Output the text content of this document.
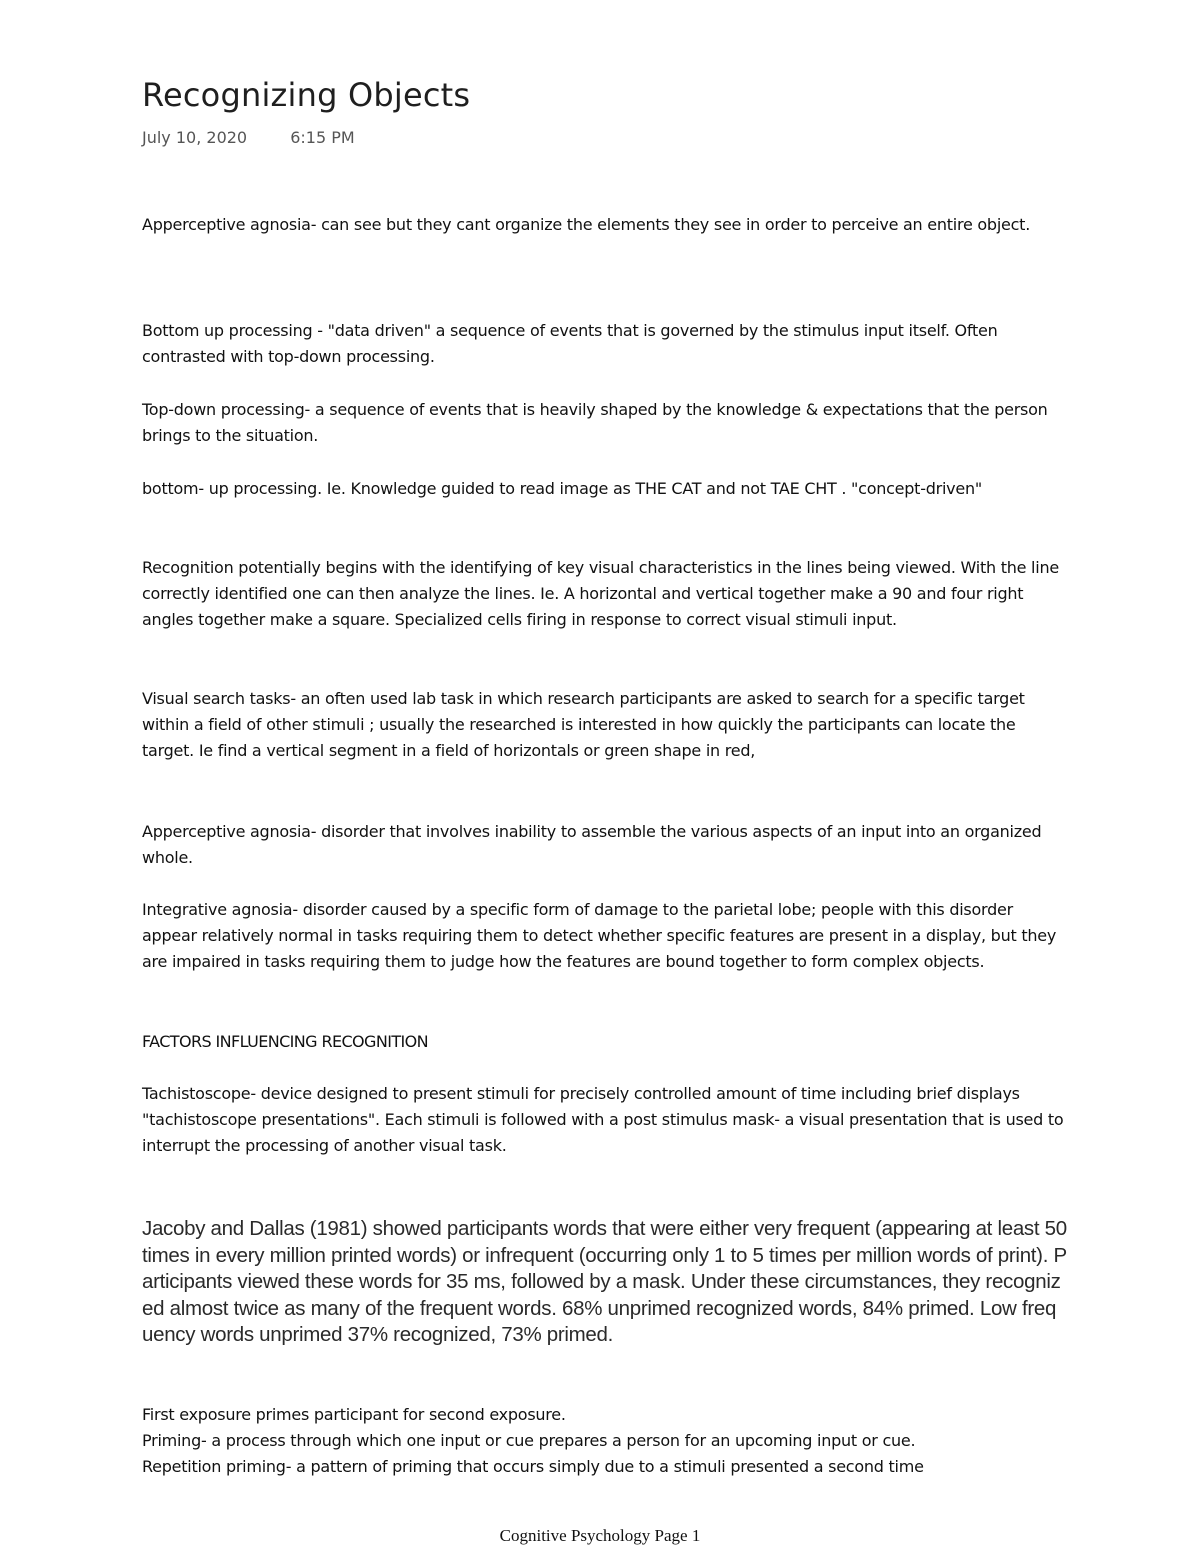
Recognizing Objects
July 10, 2020	6:15 PM

Apperceptive agnosia- can see but they cant organize the elements they see in order to perceive an entire object.

Bottom up processing - "data driven" a sequence of events that is governed by the stimulus input itself. Often contrasted with top-down processing.

Top-down processing- a sequence of events that is heavily shaped by the knowledge & expectations that the person brings to the situation.

bottom- up processing. Ie. Knowledge guided to read image as THE CAT and not TAE CHT . "concept-driven"

Recognition potentially begins with the identifying of key visual characteristics in the lines being viewed. With the line correctly identified one can then analyze the lines. Ie. A horizontal and vertical together make a 90 and four right angles together make a square. Specialized cells firing in response to correct visual stimuli input.

Visual search tasks- an often used lab task in which research participants are asked to search for a specific target within a field of other stimuli ; usually the researched is interested in how quickly the participants can locate the target. Ie find a vertical segment in a field of horizontals or green shape in red,

Apperceptive agnosia- disorder that involves inability to assemble the various aspects of an input into an organized whole.

Integrative agnosia- disorder caused by a specific form of damage to the parietal lobe; people with this disorder appear relatively normal in tasks requiring them to detect whether specific features are present in a display, but they are impaired in tasks requiring them to judge how the features are bound together to form complex objects.

FACTORS INFLUENCING RECOGNITION

Tachistoscope- device designed to present stimuli for precisely controlled amount of time including brief displays "tachistoscope presentations". Each stimuli is followed with a post stimulus mask- a visual presentation that is used to interrupt the processing of another visual task.

Jacoby and Dallas (1981) showed participants words that were either very frequent (appearing at least 50 times in every million printed words) or infrequent (occurring only 1 to 5 times per million words of print). Participants viewed these words for 35 ms, followed by a mask. Under these circumstances, they recognized almost twice as many of the frequent words. 68% unprimed recognized words, 84% primed. Low frequency words unprimed 37% recognized, 73% primed.

First exposure primes participant for second exposure.

Priming- a process through which one input or cue prepares a person for an upcoming input or cue.

Repetition priming- a pattern of priming that occurs simply due to a stimuli presented a second time

Cognitive Psychology Page 1
